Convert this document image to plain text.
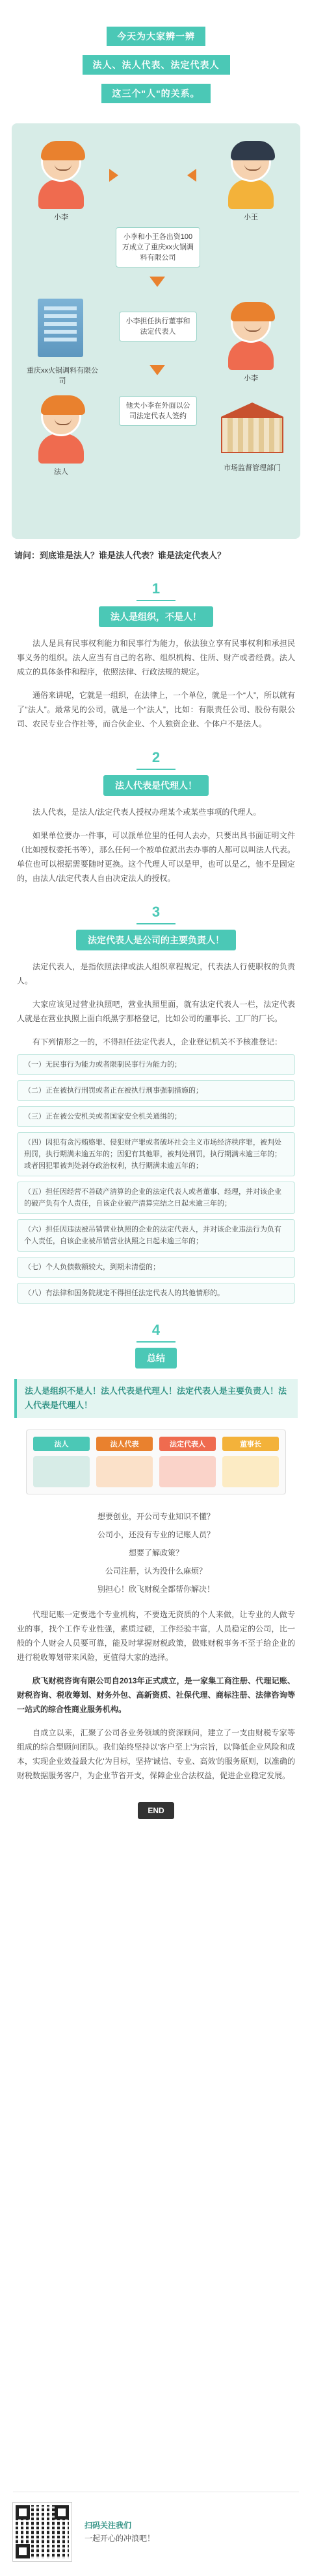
今天为大家辨一辨
法人、法人代表、法定代表人
这三个"人"的关系。
小李	小王
小李和小王各出资100万成立了重庆xx火锅调料有限公司
重庆xx火锅调料有限公司
小李担任执行董事和法定代表人
小李
法人
他夫小李在外面以公司法定代表人签约
市场监督管理部门
请问：到底谁是法人？谁是法人代表？谁是法定代表人？
1
法人是组织，不是人！
法人是具有民事权利能力和民事行为能力，依法独立享有民事权利和承担民事义务的组织。法人应当有自己的名称、组织机构、住所、财产或者经费。法人成立的具体条件和程序，依照法律、行政法规的规定。
通俗来讲呢，它就是一组织，在法律上，一个单位，就是一个“人”，所以就有了“法人”。最常见的公司，就是一个“法人”，比如：有限责任公司、股份有限公司、农民专业合作社等，而合伙企业、个人独资企业、个体户不是法人。
2
法人代表是代理人！
法人代表，是法人/法定代表人授权办理某个或某些事项的代理人。
如果单位要办一件事，可以派单位里的任何人去办，只要出具书面证明文件（比如授权委托书等），那么任何一个被单位派出去办事的人都可以叫法人代表。单位也可以根据需要随时更换。这个代理人可以是甲，也可以是乙，他不是固定的，由法人/法定代表人自由决定法人的授权。
3
法定代表人是公司的主要负责人！
法定代表人，是指依照法律或法人组织章程规定，代表法人行使职权的负责人。
大家应该见过营业执照吧，营业执照里面，就有法定代表人一栏，法定代表人就是在营业执照上面白纸黑字那格登记，比如公司的董事长、工厂的厂长。
有下列情形之一的，不得担任法定代表人，企业登记机关不予核准登记：
（一）无民事行为能力或者限制民事行为能力的；
（二）正在被执行刑罚或者正在被执行刑事强制措施的；
（三）正在被公安机关或者国家安全机关通缉的；
（四）因犯有贪污贿赂罪、侵犯财产罪或者破坏社会主义市场经济秩序罪，被判处刑罚，执行期满未逾五年的；因犯有其他罪，被判处刑罚，执行期满未逾三年的；或者因犯罪被判处剥夺政治权利，执行期满未逾五年的；
（五）担任因经营不善破产清算的企业的法定代表人或者董事、经理，并对该企业的破产负有个人责任，自该企业破产清算完结之日起未逾三年的；
（六）担任因违法被吊销营业执照的企业的法定代表人，并对该企业违法行为负有个人责任，自该企业被吊销营业执照之日起未逾三年的；
（七）个人负债数额较大，到期未清偿的；
（八）有法律和国务院规定不得担任法定代表人的其他情形的。
4
总结
法人是组织不是人！法人代表是代理人！法定代表人是主要负责人！法人代表是代理人！
法人	法人代表	法定代表人	董事长
想要创业，开公司专业知识不懂？
公司小，还没有专业的记账人员？
想要了解政策？
公司注册，认为没什么麻烦？
别担心！欣飞财税全都帮你解决！
代理记账一定要选个专业机构，不要选无资质的个人来做，让专业的人做专业的事，找个工作专业性强，素质过硬，工作经验丰富，人员稳定的公司，比一般的个人财会人员要可靠，能及时掌握财税政策，做账财税事务不至于给企业的进行税收筹划带来风险，更值得大家的选择。
欣飞财税咨询有限公司自2013年正式成立，是一家集工商注册、代理记账、财税咨询、税收筹划、财务外包、高新资质、社保代理、商标注册、法律咨询等一站式的综合性商业服务机构。
自成立以来，汇聚了公司各业务领域的资深顾问，建立了一支由财税专家等组成的综合型顾问团队。我们始终坚持以'客户至上'为宗旨，以'降低企业风险和成本，实现企业效益最大化'为目标，坚持'诚信、专业、高效'的服务原则，以准确的财税数据服务客户，为企业节省开支，保障企业合法权益，促进企业稳定发展。
END
扫码关注我们
一起开心的冲浪吧！
